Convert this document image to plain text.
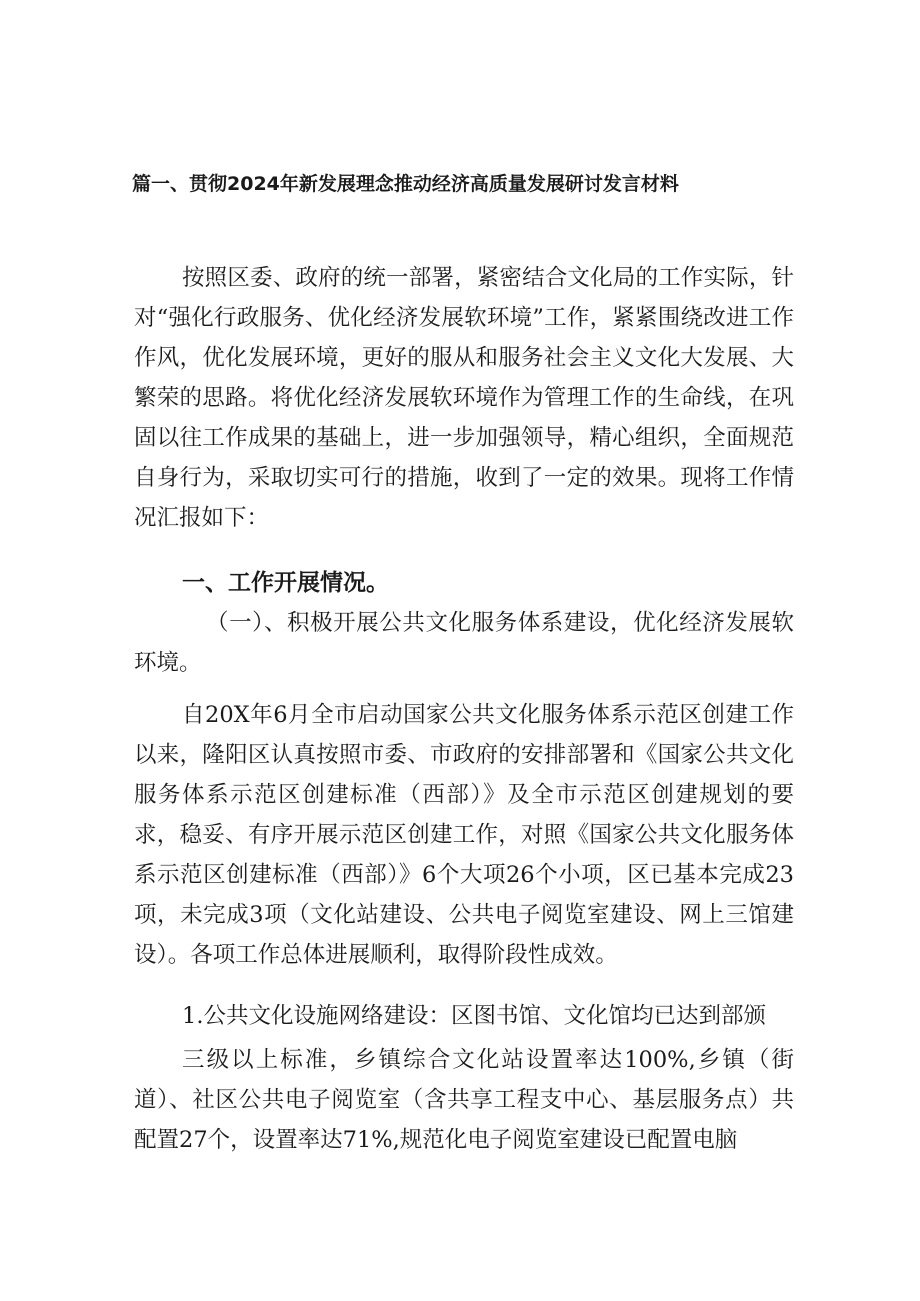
篇一、贯彻2024年新发展理念推动经济高质量发展研讨发言材料

按照区委、政府的统一部署，紧密结合文化局的工作实际，针对“强化行政服务、优化经济发展软环境”工作，紧紧围绕改进工作作风，优化发展环境，更好的服从和服务社会主义文化大发展、大繁荣的思路。将优化经济发展软环境作为管理工作的生命线，在巩固以往工作成果的基础上，进一步加强领导，精心组织，全面规范自身行为，采取切实可行的措施，收到了一定的效果。现将工作情况汇报如下：

一、工作开展情况。

（一）、积极开展公共文化服务体系建设，优化经济发展软环境。

自20X年6月全市启动国家公共文化服务体系示范区创建工作以来，隆阳区认真按照市委、市政府的安排部署和《国家公共文化服务体系示范区创建标准（西部）》及全市示范区创建规划的要求，稳妥、有序开展示范区创建工作，对照《国家公共文化服务体系示范区创建标准（西部）》6个大项26个小项，区已基本完成23项，未完成3项（文化站建设、公共电子阅览室建设、网上三馆建设）。各项工作总体进展顺利，取得阶段性成效。

1.公共文化设施网络建设：区图书馆、文化馆均已达到部颁

三级以上标准，乡镇综合文化站设置率达100%,乡镇（街道）、社区公共电子阅览室（含共享工程支中心、基层服务点）共配置27个，设置率达71%,规范化电子阅览室建设已配置电脑
